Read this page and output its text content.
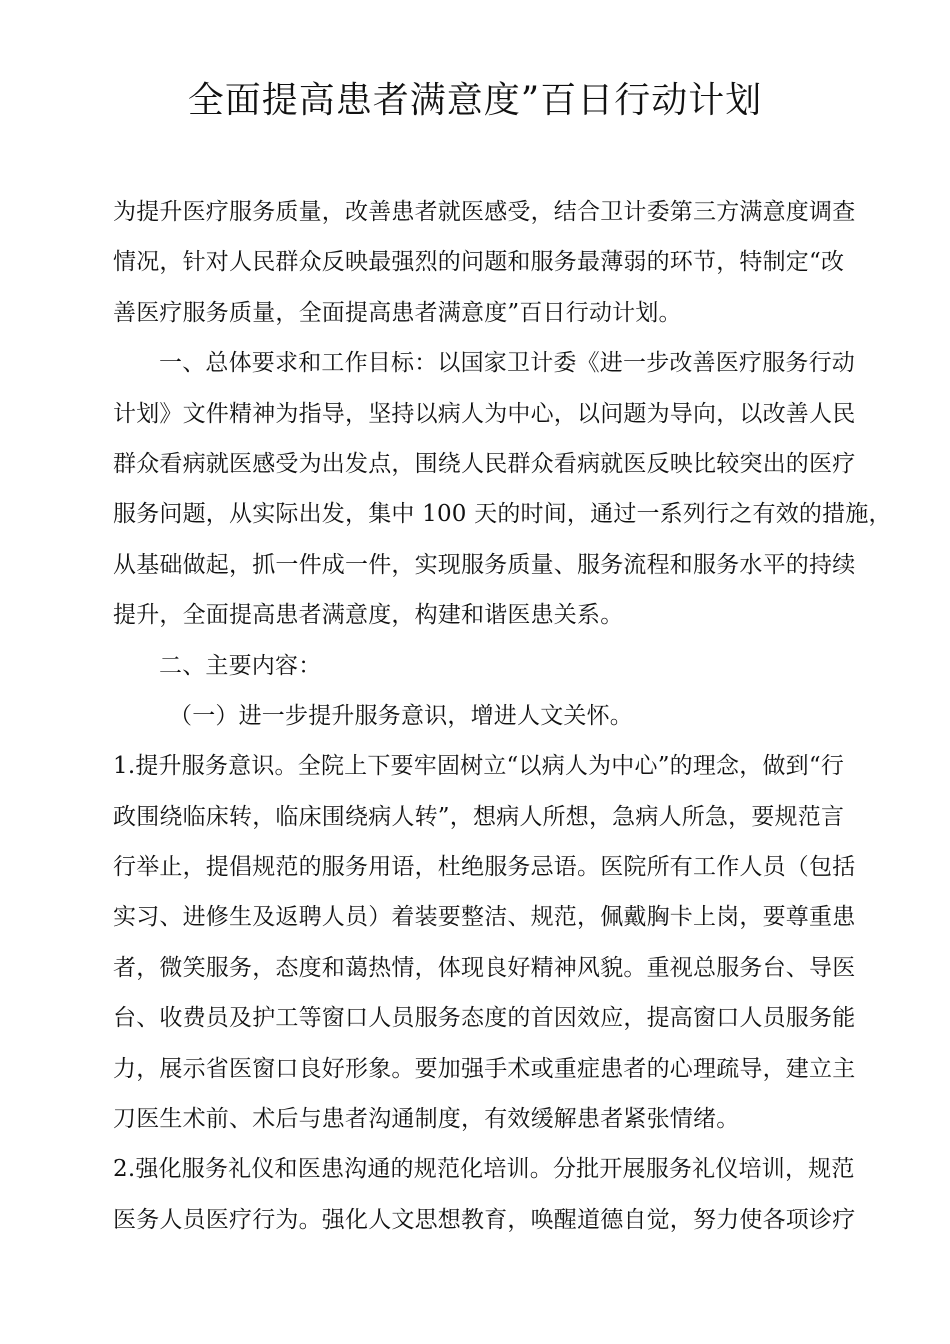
全面提高患者满意度”百日行动计划
为提升医疗服务质量，改善患者就医感受，结合卫计委第三方满意度调查
情况，针对人民群众反映最强烈的问题和服务最薄弱的环节，特制定“改
善医疗服务质量，全面提高患者满意度”百日行动计划。
一、总体要求和工作目标：以国家卫计委《进一步改善医疗服务行动
计划》文件精神为指导，坚持以病人为中心，以问题为导向，以改善人民
群众看病就医感受为出发点，围绕人民群众看病就医反映比较突出的医疗
服务问题，从实际出发，集中 100 天的时间，通过一系列行之有效的措施，
从基础做起，抓一件成一件，实现服务质量、服务流程和服务水平的持续
提升，全面提高患者满意度，构建和谐医患关系。
二、主要内容：
（一）进一步提升服务意识，增进人文关怀。
1.提升服务意识。全院上下要牢固树立“以病人为中心”的理念，做到“行
政围绕临床转，临床围绕病人转”，想病人所想，急病人所急，要规范言
行举止，提倡规范的服务用语，杜绝服务忌语。医院所有工作人员（包括
实习、进修生及返聘人员）着装要整洁、规范，佩戴胸卡上岗，要尊重患
者，微笑服务，态度和蔼热情，体现良好精神风貌。重视总服务台、导医
台、收费员及护工等窗口人员服务态度的首因效应，提高窗口人员服务能
力，展示省医窗口良好形象。要加强手术或重症患者的心理疏导，建立主
刀医生术前、术后与患者沟通制度，有效缓解患者紧张情绪。
2.强化服务礼仪和医患沟通的规范化培训。分批开展服务礼仪培训，规范
医务人员医疗行为。强化人文思想教育，唤醒道德自觉，努力使各项诊疗
